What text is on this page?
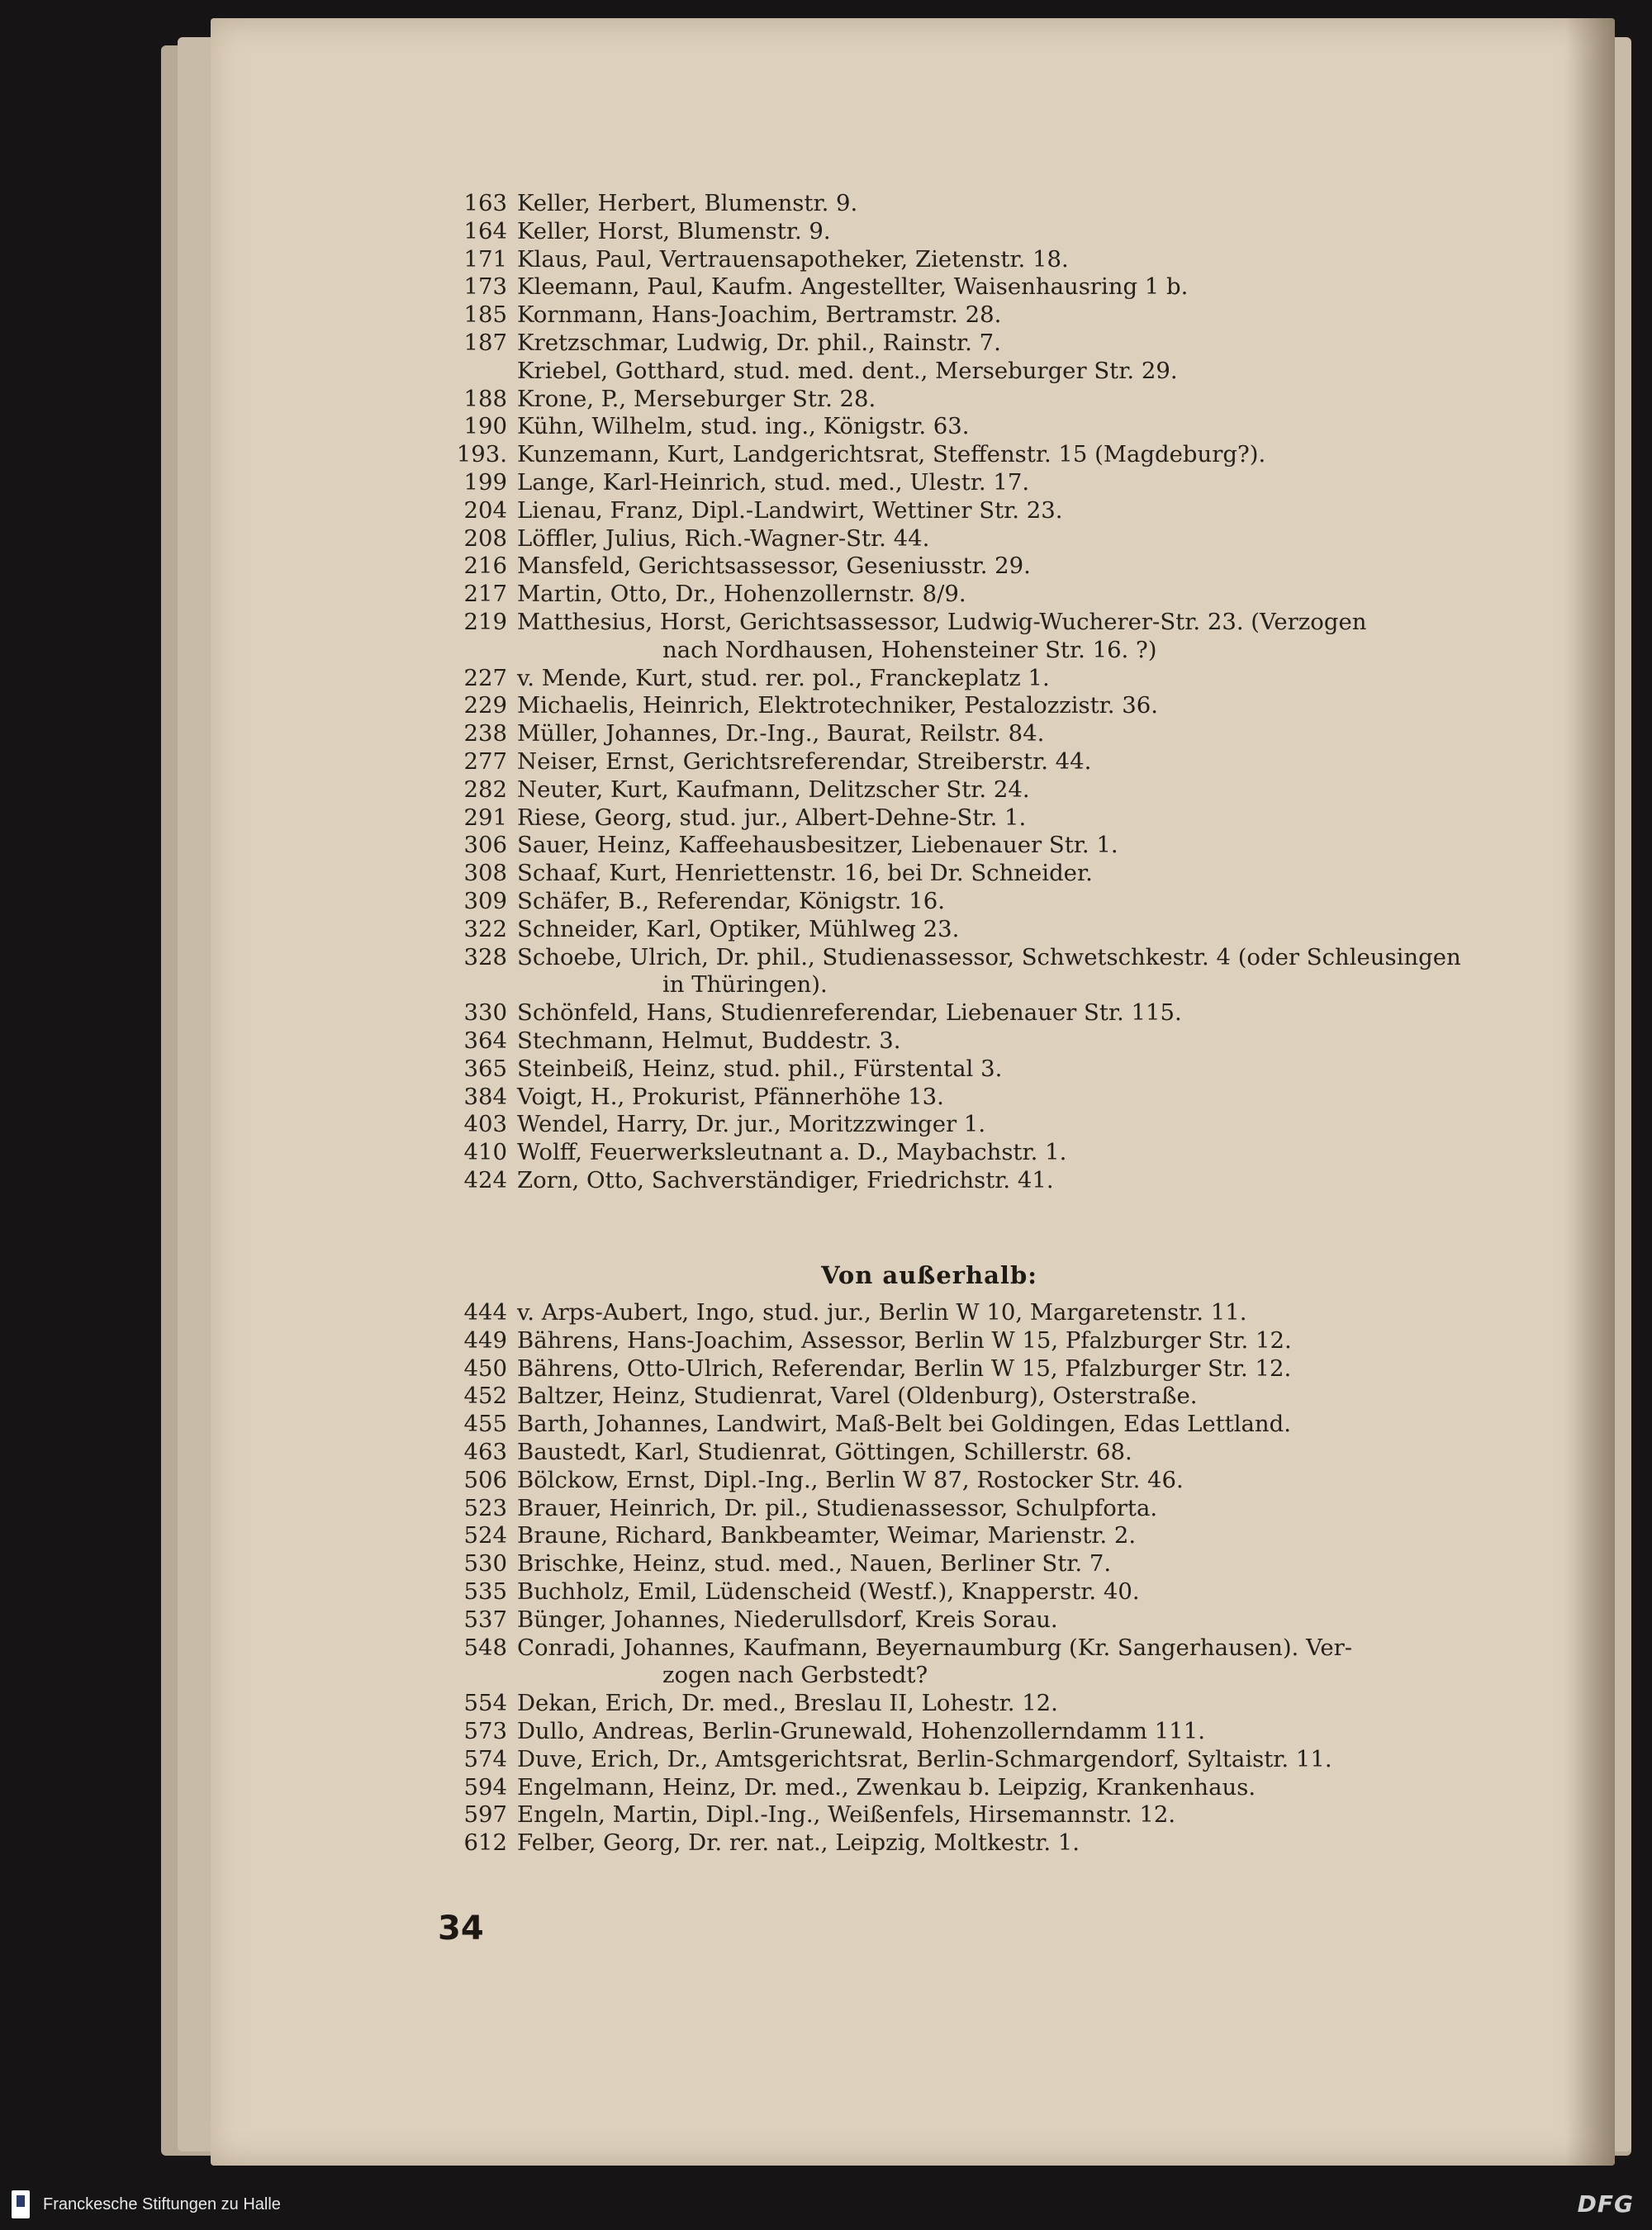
163 Keller, Herbert, Blumenstr. 9.
164 Keller, Horst, Blumenstr. 9.
171 Klaus, Paul, Vertrauensapotheker, Zietenstr. 18.
173 Kleemann, Paul, Kaufm. Angestellter, Waisenhausring 1 b.
185 Kornmann, Hans-Joachim, Bertramstr. 28.
187 Kretzschmar, Ludwig, Dr. phil., Rainstr. 7.
Kriebel, Gotthard, stud. med. dent., Merseburger Str. 29.
188 Krone, P., Merseburger Str. 28.
190 Kühn, Wilhelm, stud. ing., Königstr. 63.
193. Kunzemann, Kurt, Landgerichtsrat, Steffenstr. 15 (Magdeburg?).
199 Lange, Karl-Heinrich, stud. med., Ulestr. 17.
204 Lienau, Franz, Dipl.-Landwirt, Wettiner Str. 23.
208 Löffler, Julius, Rich.-Wagner-Str. 44.
216 Mansfeld, Gerichtsassessor, Geseniusstr. 29.
217 Martin, Otto, Dr., Hohenzollernstr. 8/9.
219 Matthesius, Horst, Gerichtsassessor, Ludwig-Wucherer-Str. 23. (Verzogen
nach Nordhausen, Hohensteiner Str. 16. ?)
227 v. Mende, Kurt, stud. rer. pol., Franckeplatz 1.
229 Michaelis, Heinrich, Elektrotechniker, Pestalozzistr. 36.
238 Müller, Johannes, Dr.-Ing., Baurat, Reilstr. 84.
277 Neiser, Ernst, Gerichtsreferendar, Streiberstr. 44.
282 Neuter, Kurt, Kaufmann, Delitzscher Str. 24.
291 Riese, Georg, stud. jur., Albert-Dehne-Str. 1.
306 Sauer, Heinz, Kaffeehausbesitzer, Liebenauer Str. 1.
308 Schaaf, Kurt, Henriettenstr. 16, bei Dr. Schneider.
309 Schäfer, B., Referendar, Königstr. 16.
322 Schneider, Karl, Optiker, Mühlweg 23.
328 Schoebe, Ulrich, Dr. phil., Studienassessor, Schwetschkestr. 4 (oder Schleusingen
in Thüringen).
330 Schönfeld, Hans, Studienreferendar, Liebenauer Str. 115.
364 Stechmann, Helmut, Buddestr. 3.
365 Steinbeiß, Heinz, stud. phil., Fürstental 3.
384 Voigt, H., Prokurist, Pfännerhöhe 13.
403 Wendel, Harry, Dr. jur., Moritzzwinger 1.
410 Wolff, Feuerwerksleutnant a. D., Maybachstr. 1.
424 Zorn, Otto, Sachverständiger, Friedrichstr. 41.
Von außerhalb:
444 v. Arps-Aubert, Ingo, stud. jur., Berlin W 10, Margaretenstr. 11.
449 Bährens, Hans-Joachim, Assessor, Berlin W 15, Pfalzburger Str. 12.
450 Bährens, Otto-Ulrich, Referendar, Berlin W 15, Pfalzburger Str. 12.
452 Baltzer, Heinz, Studienrat, Varel (Oldenburg), Osterstraße.
455 Barth, Johannes, Landwirt, Maß-Belt bei Goldingen, Edas Lettland.
463 Baustedt, Karl, Studienrat, Göttingen, Schillerstr. 68.
506 Bölckow, Ernst, Dipl.-Ing., Berlin W 87, Rostocker Str. 46.
523 Brauer, Heinrich, Dr. pil., Studienassessor, Schulpforta.
524 Braune, Richard, Bankbeamter, Weimar, Marienstr. 2.
530 Brischke, Heinz, stud. med., Nauen, Berliner Str. 7.
535 Buchholz, Emil, Lüdenscheid (Westf.), Knapperstr. 40.
537 Bünger, Johannes, Niederullsdorf, Kreis Sorau.
548 Conradi, Johannes, Kaufmann, Beyernaumburg (Kr. Sangerhausen). Ver-
zogen nach Gerbstedt?
554 Dekan, Erich, Dr. med., Breslau II, Lohestr. 12.
573 Dullo, Andreas, Berlin-Grunewald, Hohenzollerndamm 111.
574 Duve, Erich, Dr., Amtsgerichtsrat, Berlin-Schmargendorf, Syltaistr. 11.
594 Engelmann, Heinz, Dr. med., Zwenkau b. Leipzig, Krankenhaus.
597 Engeln, Martin, Dipl.-Ing., Weißenfels, Hirsemannstr. 12.
612 Felber, Georg, Dr. rer. nat., Leipzig, Moltkestr. 1.
34
Franckesche Stiftungen zu Halle	DFG
